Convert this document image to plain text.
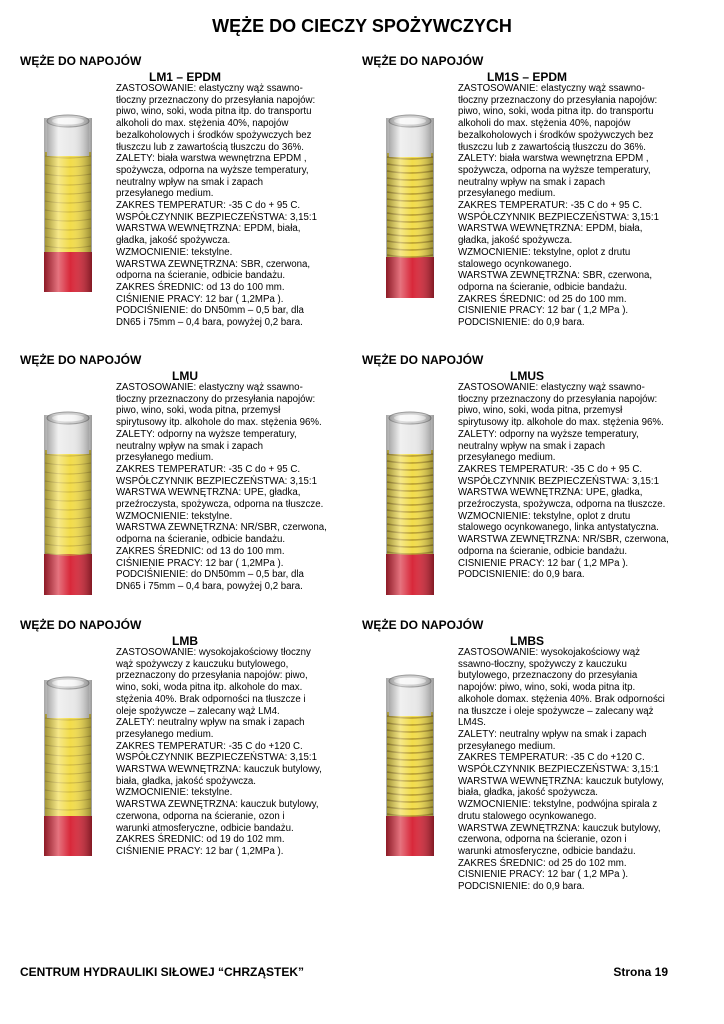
WĘŻE DO CIECZY SPOŻYWCZYCH
WĘŻE DO NAPOJÓW
LM1 – EPDM
ZASTOSOWANIE: elastyczny wąż ssawno-
tłoczny przeznaczony do przesyłania napojów:
piwo, wino, soki, woda pitna itp. do transportu
alkoholi do max. stężenia 40%, napojów
bezalkoholowych i środków spożywczych bez
tłuszczu lub z zawartością tłuszczu do 36%.
ZALETY: biała warstwa wewnętrzna EPDM ,
spożywcza, odporna na wyższe temperatury,
neutralny wpływ na smak i zapach
przesyłanego medium.
ZAKRES TEMPERATUR: -35 C do + 95 C.
WSPÓŁCZYNNIK BEZPIECZEŃSTWA: 3,15:1
WARSTWA WEWNĘTRZNA: EPDM, biała,
gładka, jakość spożywcza.
WZMOCNIENIE: tekstylne.
WARSTWA ZEWNĘTRZNA: SBR, czerwona,
odporna na ścieranie, odbicie bandażu.
ZAKRES ŚREDNIC: od 13 do 100 mm.
CIŚNIENIE PRACY: 12 bar ( 1,2MPa ).
PODCIŚNIENIE: do DN50mm – 0,5 bar, dla
DN65 i 75mm – 0,4 bara, powyżej 0,2 bara.
WĘŻE DO NAPOJÓW
LM1S – EPDM
ZASTOSOWANIE: elastyczny wąż ssawno-
tłoczny przeznaczony do przesyłania napojów:
piwo, wino, soki, woda pitna itp. do transportu
alkoholi do max. stężenia 40%, napojów
bezalkoholowych i środków spożywczych bez
tłuszczu lub z zawartością tłuszczu do 36%.
ZALETY: biała warstwa wewnętrzna EPDM ,
spożywcza, odporna na wyższe temperatury,
neutralny wpływ na smak i zapach
przesyłanego medium.
ZAKRES TEMPERATUR: -35 C do + 95 C.
WSPÓŁCZYNNIK BEZPIECZEŃSTWA: 3,15:1
WARSTWA WEWNĘTRZNA: EPDM, biała,
gładka, jakość spożywcza.
WZMOCNIENIE: tekstylne, oplot z drutu
stalowego ocynkowanego.
WARSTWA ZEWNĘTRZNA: SBR, czerwona,
odporna na ścieranie, odbicie bandażu.
ZAKRES ŚREDNIC: od 25 do 100 mm.
CISNIENIE PRACY: 12 bar ( 1,2 MPa ).
PODCISNIENIE: do 0,9 bara.
WĘŻE DO NAPOJÓW
LMU
ZASTOSOWANIE: elastyczny wąż ssawno-
tłoczny przeznaczony do przesyłania napojów:
piwo, wino, soki, woda pitna, przemysł
spirytusowy itp. alkohole do max. stężenia 96%.
ZALETY: odporny na wyższe temperatury,
neutralny wpływ na smak i zapach
przesyłanego medium.
ZAKRES TEMPERATUR: -35 C do + 95 C.
WSPÓŁCZYNNIK BEZPIECZEŃSTWA: 3,15:1
WARSTWA WEWNĘTRZNA: UPE, gładka,
przeźroczysta, spożywcza, odporna na tłuszcze.
WZMOCNIENIE: tekstylne.
WARSTWA ZEWNĘTRZNA: NR/SBR, czerwona,
odporna na ścieranie, odbicie bandażu.
ZAKRES ŚREDNIC: od 13 do 100 mm.
CIŚNIENIE PRACY: 12 bar ( 1,2MPa ).
PODCIŚNIENIE: do DN50mm – 0,5 bar, dla
DN65 i 75mm – 0,4 bara, powyżej 0,2 bara.
WĘŻE DO NAPOJÓW
LMUS
ZASTOSOWANIE: elastyczny wąż ssawno-
tłoczny przeznaczony do przesyłania napojów:
piwo, wino, soki, woda pitna, przemysł
spirytusowy itp. alkohole do max. stężenia 96%.
ZALETY: odporny na wyższe temperatury,
neutralny wpływ na smak i zapach
przesyłanego medium.
ZAKRES TEMPERATUR: -35 C do + 95 C.
WSPÓŁCZYNNIK BEZPIECZEŃSTWA: 3,15:1
WARSTWA WEWNĘTRZNA: UPE, gładka,
przeźroczysta, spożywcza, odporna na tłuszcze.
WZMOCNIENIE: tekstylne, oplot z drutu
stalowego ocynkowanego, linka antystatyczna.
WARSTWA ZEWNĘTRZNA: NR/SBR, czerwona,
odporna na ścieranie, odbicie bandażu.
CISNIENIE PRACY: 12 bar ( 1,2 MPa ).
PODCISNIENIE: do 0,9 bara.
WĘŻE DO NAPOJÓW
LMB
ZASTOSOWANIE: wysokojakościowy tłoczny
wąż spożywczy z kauczuku butylowego,
przeznaczony do przesyłania napojów: piwo,
wino, soki, woda pitna itp. alkohole do max.
stężenia 40%. Brak odporności na tłuszcze i
oleje spożywcze – zalecany wąż LM4.
ZALETY: neutralny wpływ na smak i zapach
przesyłanego medium.
ZAKRES TEMPERATUR: -35 C do +120 C.
WSPÓŁCZYNNIK BEZPIECZEŃSTWA: 3,15:1
WARSTWA WEWNĘTRZNA: kauczuk butylowy,
biała, gładka, jakość spożywcza.
WZMOCNIENIE: tekstylne.
WARSTWA ZEWNĘTRZNA: kauczuk butylowy,
czerwona, odporna na ścieranie, ozon i
warunki atmosferyczne, odbicie bandażu.
ZAKRES ŚREDNIC: od 19 do 102 mm.
CIŚNIENIE PRACY: 12 bar ( 1,2MPa ).
WĘŻE DO NAPOJÓW
LMBS
ZASTOSOWANIE: wysokojakościowy wąż
ssawno-tłoczny, spożywczy z kauczuku
butylowego, przeznaczony do przesyłania
napojów: piwo, wino, soki, woda pitna itp.
alkohole domax. stężenia 40%. Brak odporności
na tłuszcze i oleje spożywcze – zalecany wąż
LM4S.
ZALETY: neutralny wpływ na smak i zapach
przesyłanego medium.
ZAKRES TEMPERATUR: -35 C do +120 C.
WSPÓŁCZYNNIK BEZPIECZEŃSTWA: 3,15:1
WARSTWA WEWNĘTRZNA: kauczuk butylowy,
biała, gładka, jakość spożywcza.
WZMOCNIENIE: tekstylne, podwójna spirala z
drutu stalowego ocynkowanego.
WARSTWA ZEWNĘTRZNA: kauczuk butylowy,
czerwona, odporna na ścieranie, ozon i
warunki atmosferyczne, odbicie bandażu.
ZAKRES ŚREDNIC: od 25 do 102 mm.
CISNIENIE PRACY: 12 bar ( 1,2 MPa ).
PODCISNIENIE: do 0,9 bara.
CENTRUM HYDRAULIKI SIŁOWEJ “CHRZĄSTEK”	Strona 19
